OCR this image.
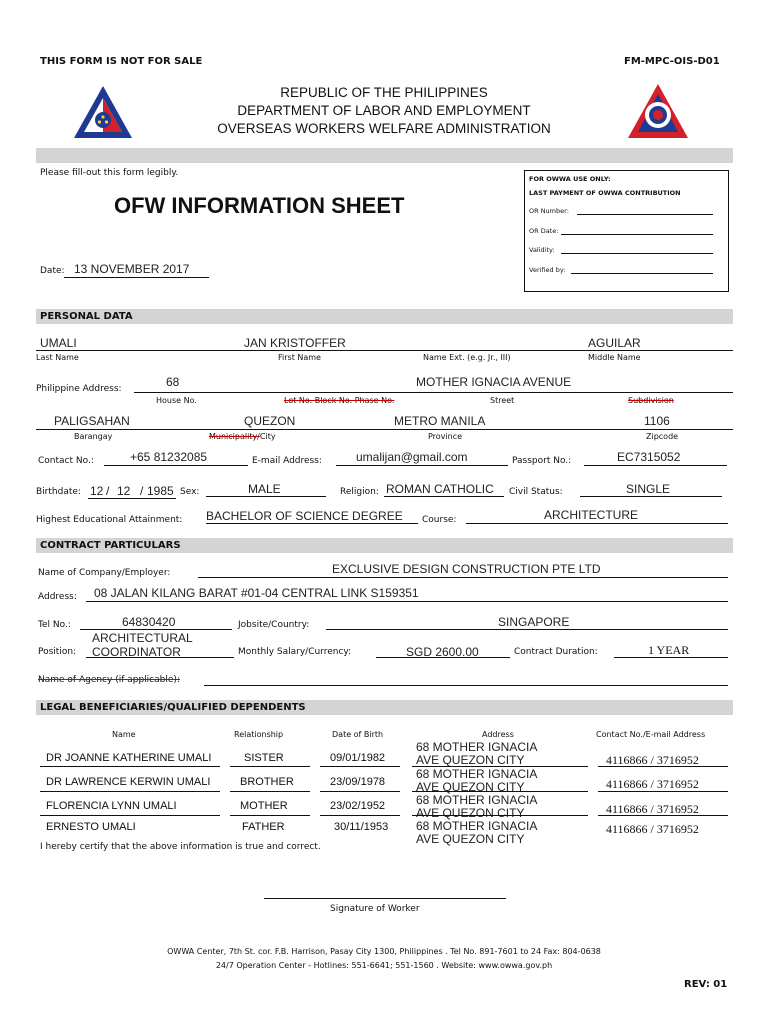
THIS FORM IS NOT FOR SALE	FM-MPC-OIS-D01
REPUBLIC OF THE PHILIPPINES
DEPARTMENT OF LABOR AND EMPLOYMENT
OVERSEAS WORKERS WELFARE ADMINISTRATION
Please fill-out this form legibly.
OFW INFORMATION SHEET
Date: 13 NOVEMBER 2017
FOR OWWA USE ONLY:
LAST PAYMENT OF OWWA CONTRIBUTION
OR Number:
OR Date:
Validity:
Verified by:
PERSONAL DATA
UMALI	JAN KRISTOFFER	AGUILAR
Last Name	First Name	Name Ext. (e.g. Jr., III)	Middle Name
Philippine Address:	68	MOTHER IGNACIA AVENUE
House No.	Lot No. Block No. Phase No.	Street	Subdivision
PALIGSAHAN	QUEZON	METRO MANILA	1106
Barangay	Municipality/City	Province	Zipcode
Contact No.:	+65 81232085	E-mail Address:	umalijan@gmail.com	Passport No.:	EC7315052
Birthdate: 12 / 12 / 1985 Sex:	MALE	Religion: ROMAN CATHOLIC Civil Status:	SINGLE
Highest Educational Attainment: BACHELOR OF SCIENCE DEGREE Course:	ARCHITECTURE
CONTRACT PARTICULARS
Name of Company/Employer:	EXCLUSIVE DESIGN CONSTRUCTION PTE LTD
Address: 08 JALAN KILANG BARAT #01-04 CENTRAL LINK S159351
Tel No.:	64830420	Jobsite/Country:	SINGAPORE
Position:
ARCHITECTURAL
COORDINATOR	Monthly Salary/Currency:	SGD 2600.00	Contract Duration:	1 YEAR
Name of Agency (if applicable):
LEGAL BENEFICIARIES/QUALIFIED DEPENDENTS
Name	Relationship	Date of Birth	Address	Contact No./E-mail Address
DR JOANNE KATHERINE UMALI	SISTER	09/01/1982
68 MOTHER IGNACIA
AVE QUEZON CITY	4116866 / 3716952
DR LAWRENCE KERWIN UMALI	BROTHER	23/09/1978
68 MOTHER IGNACIA
AVE QUEZON CITY	4116866 / 3716952
FLORENCIA LYNN UMALI	MOTHER	23/02/1952	68 MOTHER IGNACIA
AVE QUEZON CITY	4116866 / 3716952
ERNESTO UMALI	FATHER	30/11/1953 68 MOTHER IGNACIA
AVE QUEZON CITY
4116866 / 3716952
I hereby certify that the above information is true and correct.
Signature of Worker
OWWA Center, 7th St. cor. F.B. Harrison, Pasay City 1300, Philippines . Tel No. 891-7601 to 24 Fax: 804-0638
24/7 Operation Center - Hotlines: 551-6641; 551-1560 . Website: www.owwa.gov.ph
REV: 01
